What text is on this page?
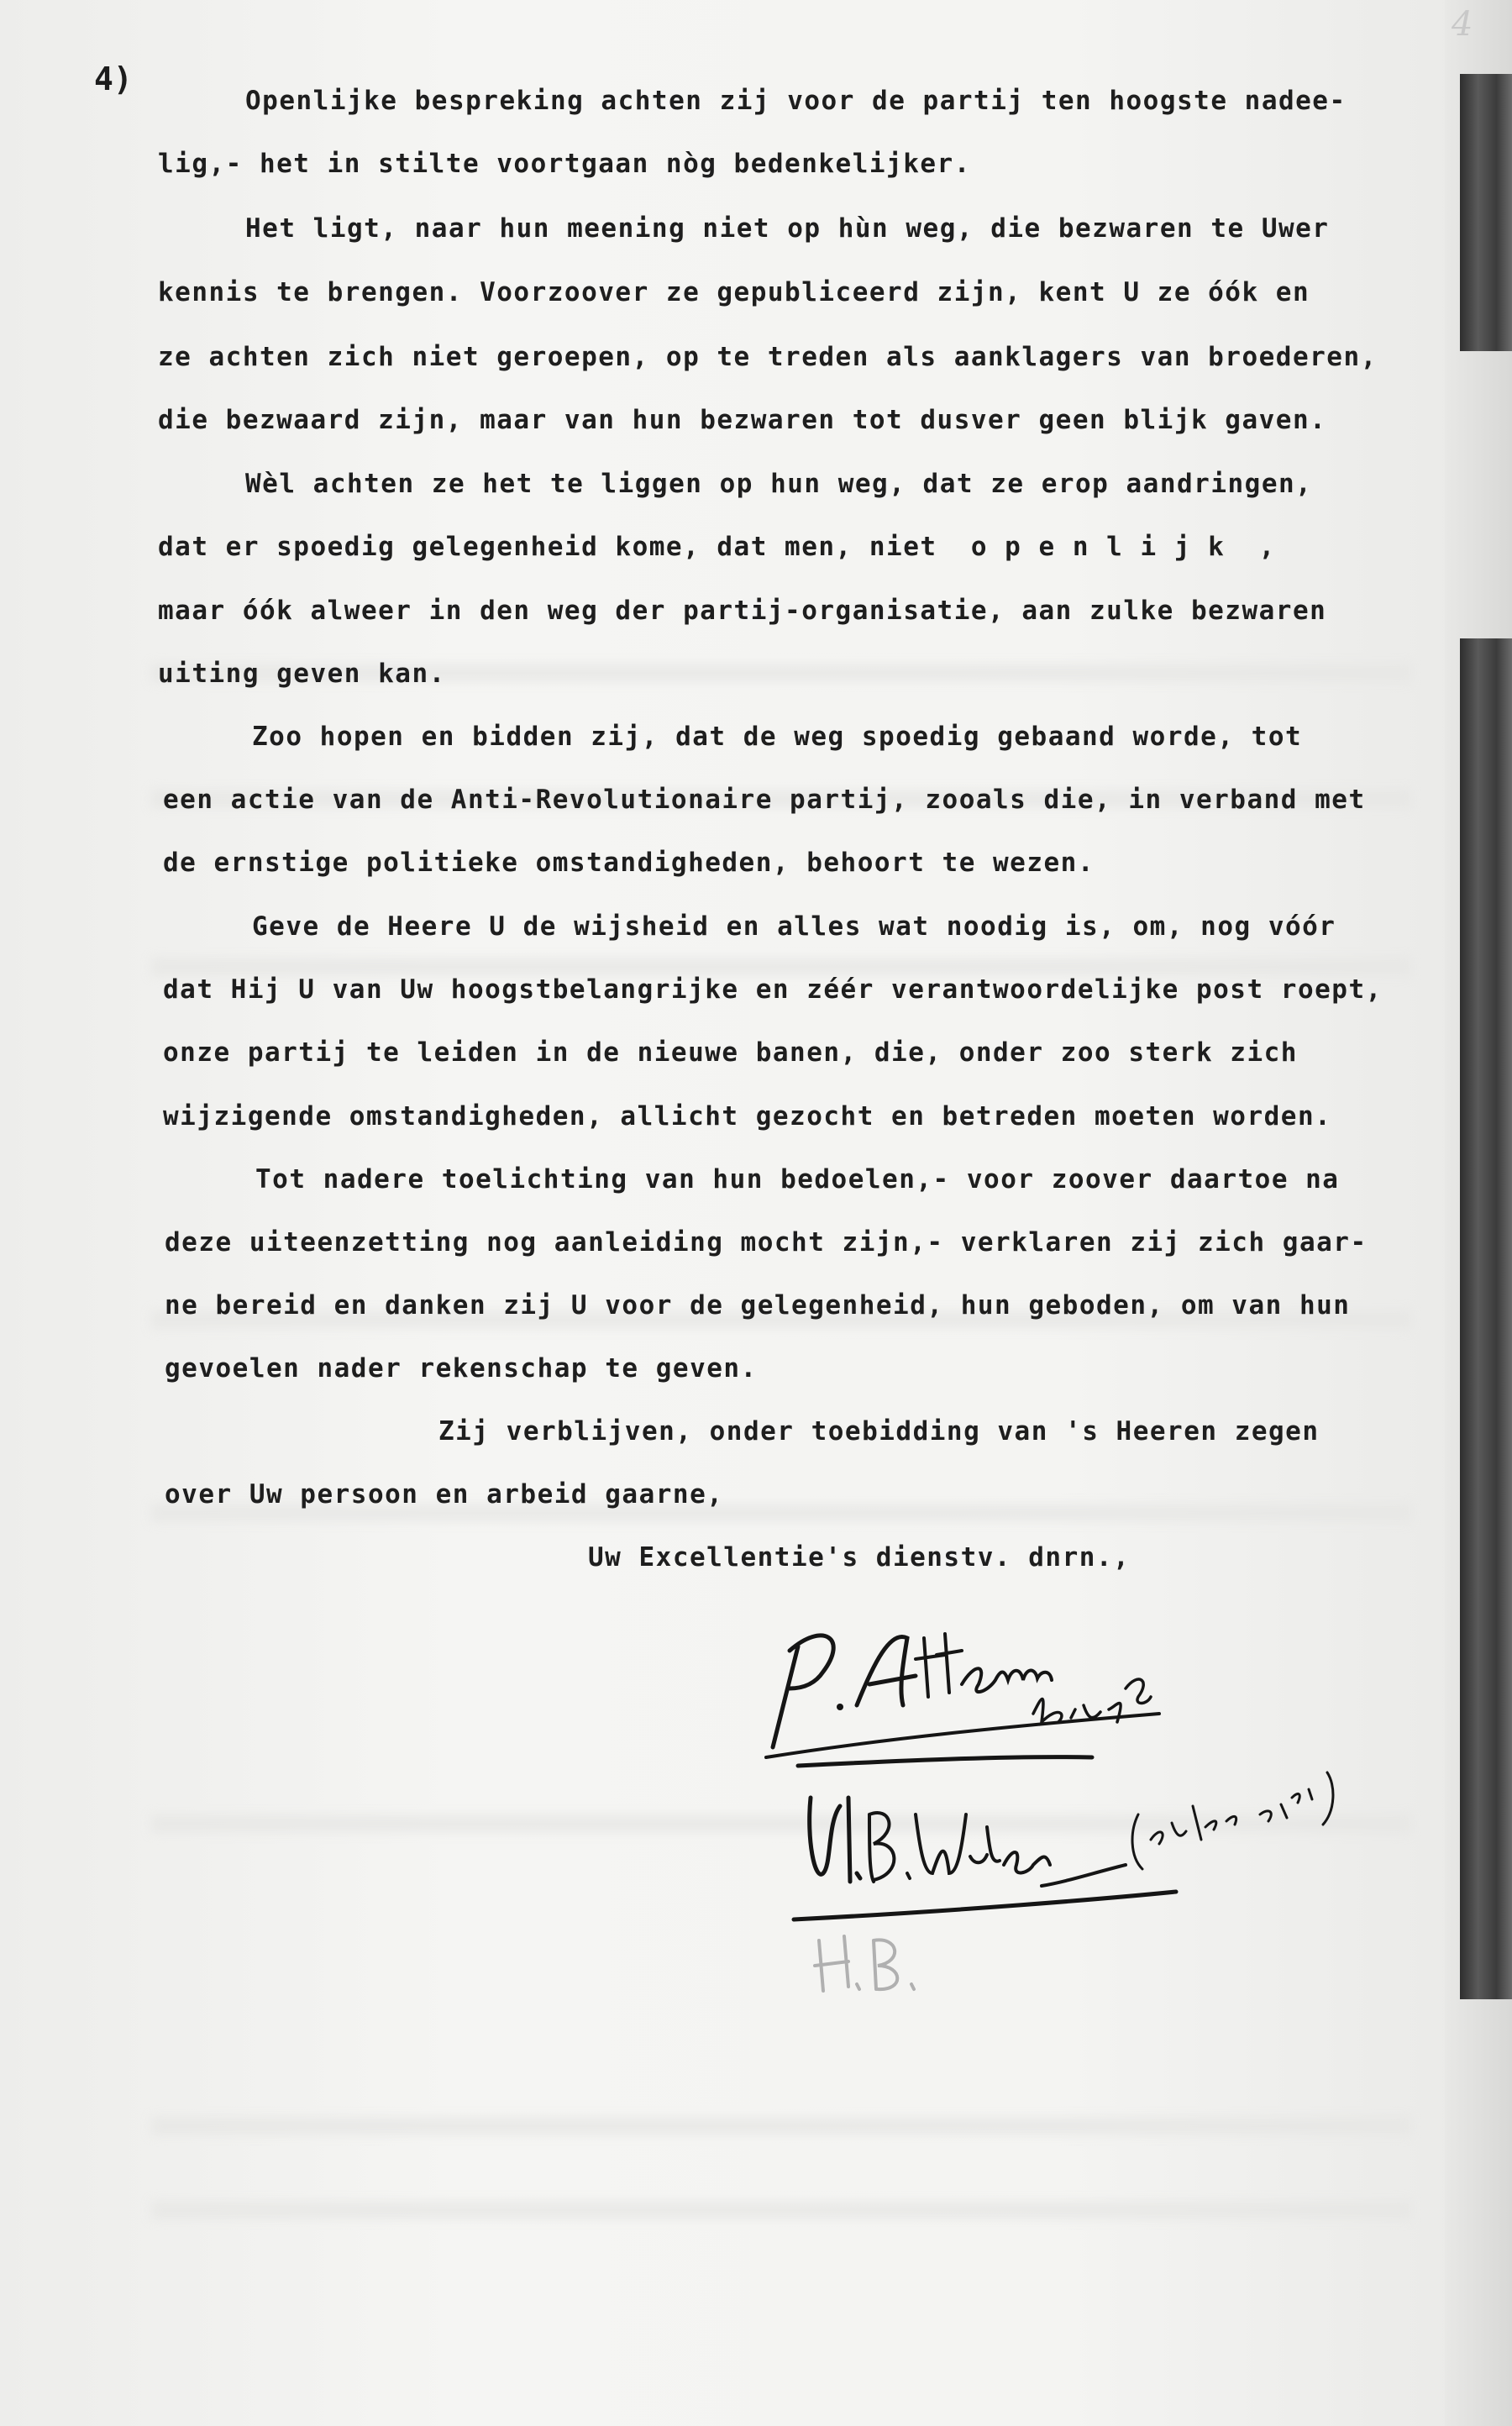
4)
4
Openlijke bespreking achten zij voor de partij ten hoogste nadee-
lig,- het in stilte voortgaan nòg bedenkelijker.
Het ligt, naar hun meening niet op hùn weg, die bezwaren te Uwer
kennis te brengen. Voorzoover ze gepubliceerd zijn, kent U ze óók en
ze achten zich niet geroepen, op te treden als aanklagers van broederen,
die bezwaard zijn, maar van hun bezwaren tot dusver geen blijk gaven.
Wèl achten ze het te liggen op hun weg, dat ze erop aandringen,
dat er spoedig gelegenheid kome, dat men, niet  o p e n l i j k  ,
maar óók alweer in den weg der partij-organisatie, aan zulke bezwaren
uiting geven kan.
Zoo hopen en bidden zij, dat de weg spoedig gebaand worde, tot
een actie van de Anti-Revolutionaire partij, zooals die, in verband met
de ernstige politieke omstandigheden, behoort te wezen.
Geve de Heere U de wijsheid en alles wat noodig is, om, nog vóór
dat Hij U van Uw hoogstbelangrijke en zéér verantwoordelijke post roept,
onze partij te leiden in de nieuwe banen, die, onder zoo sterk zich
wijzigende omstandigheden, allicht gezocht en betreden moeten worden.
Tot nadere toelichting van hun bedoelen,- voor zoover daartoe na
deze uiteenzetting nog aanleiding mocht zijn,- verklaren zij zich gaar-
ne bereid en danken zij U voor de gelegenheid, hun geboden, om van hun
gevoelen nader rekenschap te geven.
Zij verblijven, onder toebidding van 's Heeren zegen
over Uw persoon en arbeid gaarne,
Uw Excellentie's dienstv. dnrn.,
